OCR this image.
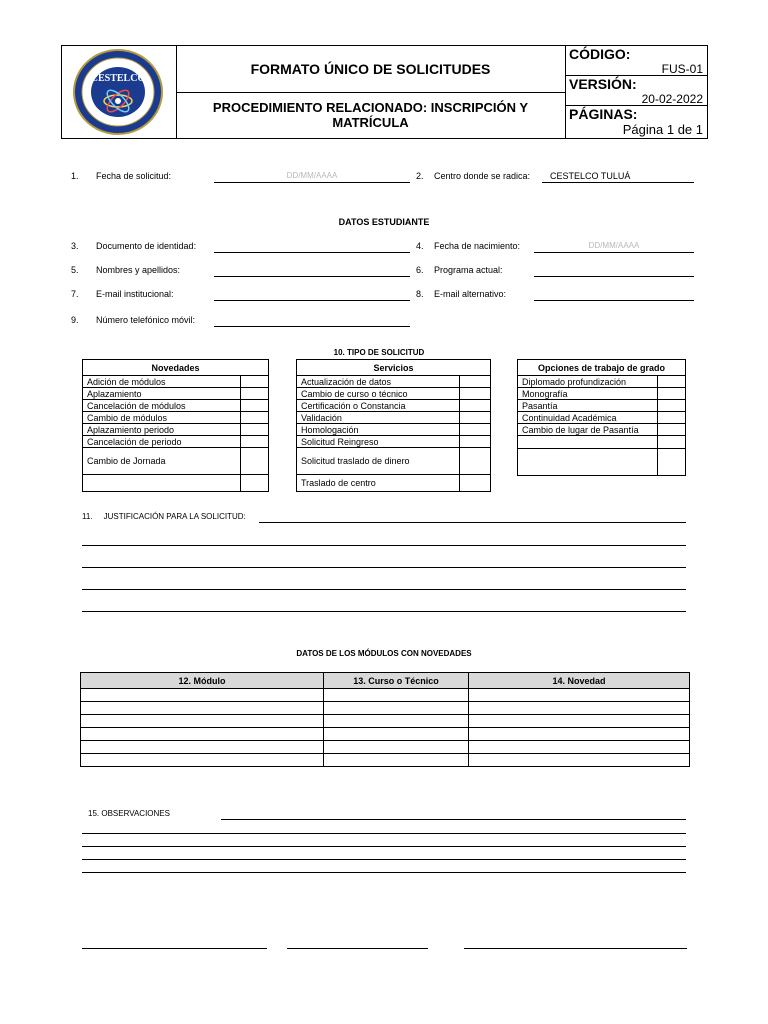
CESTELCO
FORMATO ÚNICO DE SOLICITUDES
PROCEDIMIENTO RELACIONADO: INSCRIPCIÓN Y MATRÍCULA
CÓDIGO:
FUS-01
VERSIÓN:
20-02-2022
PÁGINAS:
Página 1 de 1
1. Fecha de solicitud:	DD/MM/AAAA	2. Centro donde se radica: CESTELCO TULUÁ
DATOS ESTUDIANTE
3. Documento de identidad:	4. Fecha de nacimiento:	DD/MM/AAAA
5. Nombres y apellidos:	6. Programa actual:
7. E-mail institucional:	8. E-mail alternativo:
9. Número telefónico móvil:
10. TIPO DE SOLICITUD
Novedades	
Adición de módulos	
Aplazamiento	
Cancelación de módulos	
Cambio de módulos	
Aplazamiento periodo	
Cancelación de periodo	
Cambio de Jornada	

Servicios	
Actualización de datos	
Cambio de curso o técnico	
Certificación o Constancia	
Validación	
Homologación	
Solicitud Reingreso	
Solicitud traslado de dinero	
Traslado de centro	
Opciones de trabajo de grado	
Diplomado profundización	
Monografía	
Pasantía	
Continuidad Académica	
Cambio de lugar de Pasantía	

11.     JUSTIFICACIÓN PARA LA SOLICITUD:
DATOS DE LOS MÓDULOS CON NOVEDADES
12. Módulo	13. Curso o Técnico	14. Novedad

15. OBSERVACIONES
